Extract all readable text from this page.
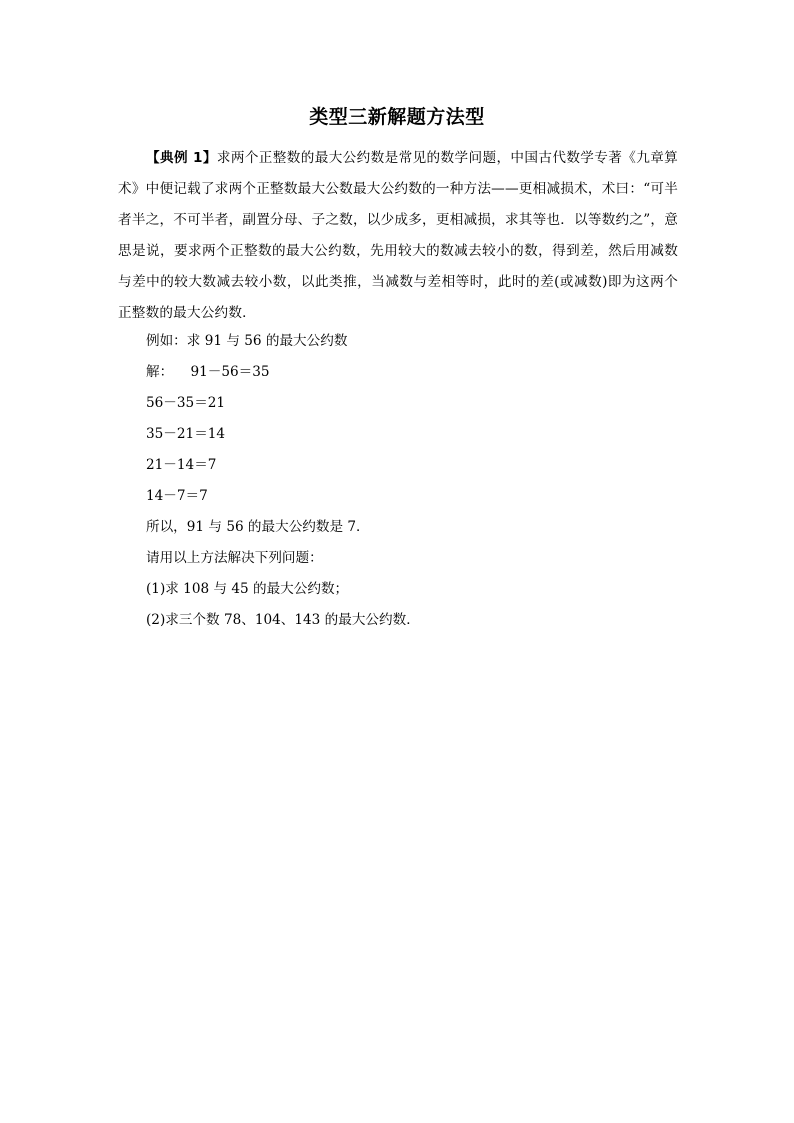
类型三新解题方法型
【典例 1】求两个正整数的最大公约数是常见的数学问题，中国古代数学专著《九章算术》中便记载了求两个正整数最大公数最大公约数的一种方法——更相减损术，术曰：“可半者半之，不可半者，副置分母、子之数，以少成多，更相减损，求其等也．以等数约之”，意思是说，要求两个正整数的最大公约数，先用较大的数减去较小的数，得到差，然后用减数与差中的较大数减去较小数，以此类推，当减数与差相等时，此时的差(或减数)即为这两个正整数的最大公约数．
例如：求 91 与 56 的最大公约数
解：    91－56＝35
56－35＝21
35－21＝14
21－14＝7
14－7＝7
所以，91 与 56 的最大公约数是 7．
请用以上方法解决下列问题：
(1)求 108 与 45 的最大公约数；
(2)求三个数 78、104、143 的最大公约数．
